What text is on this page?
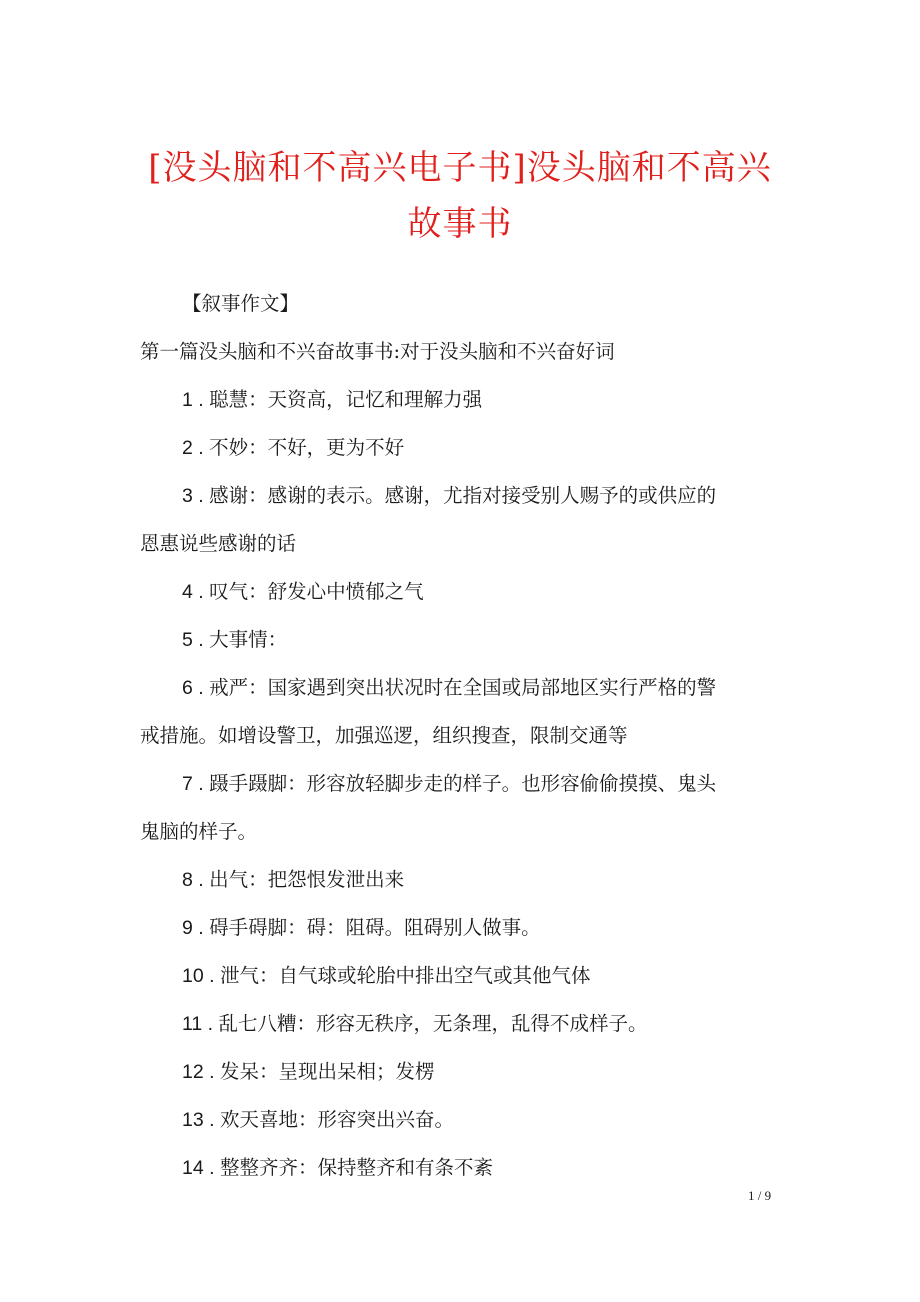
[没头脑和不高兴电子书]没头脑和不高兴
故事书
【叙事作文】
第一篇没头脑和不兴奋故事书:对于没头脑和不兴奋好词
1 . 聪慧：天资高，记忆和理解力强
2 . 不妙：不好，更为不好
3 . 感谢：感谢的表示。感谢，尤指对接受别人赐予的或供应的
恩惠说些感谢的话
4 . 叹气：舒发心中愤郁之气
5 . 大事情：
6 . 戒严：国家遇到突出状况时在全国或局部地区实行严格的警
戒措施。如增设警卫，加强巡逻，组织搜查，限制交通等
7 . 蹑手蹑脚：形容放轻脚步走的样子。也形容偷偷摸摸、鬼头
鬼脑的样子。
8 . 出气：把怨恨发泄出来
9 . 碍手碍脚：碍：阻碍。阻碍别人做事。
10 . 泄气：自气球或轮胎中排出空气或其他气体
11 . 乱七八糟：形容无秩序，无条理，乱得不成样子。
12 . 发呆：呈现出呆相；发楞
13 . 欢天喜地：形容突出兴奋。
14 . 整整齐齐：保持整齐和有条不紊
1 / 9
